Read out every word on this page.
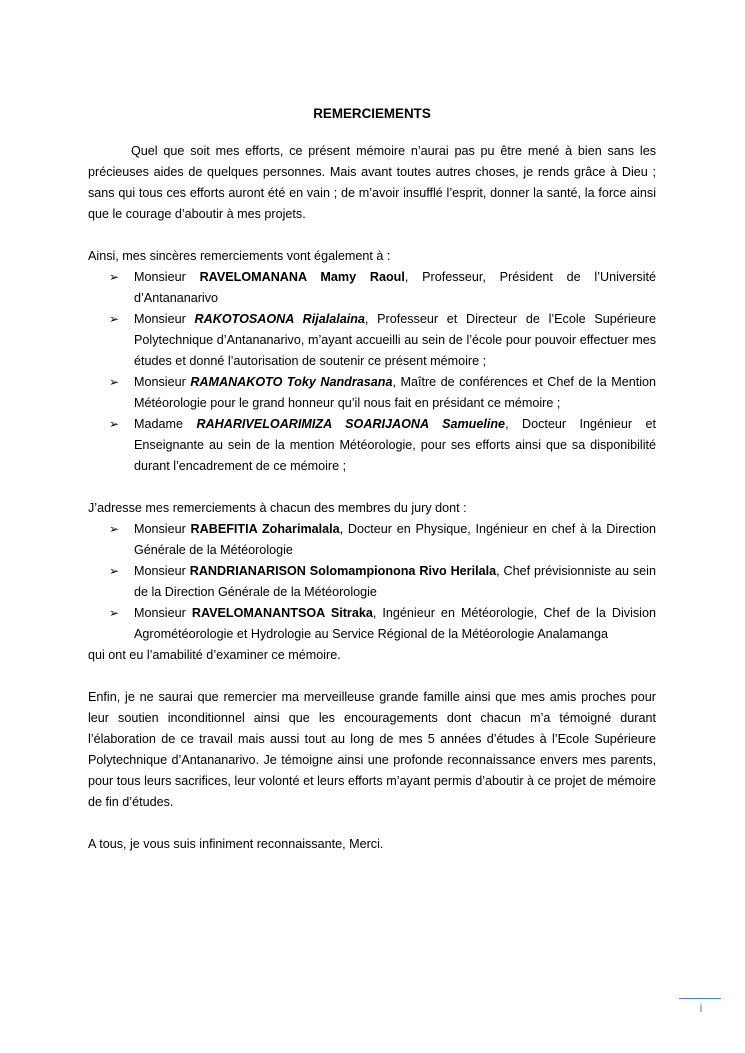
REMERCIEMENTS

Quel que soit mes efforts, ce présent mémoire n’aurai pas pu être mené à bien sans les précieuses aides de quelques personnes. Mais avant toutes autres choses, je rends grâce à Dieu ; sans qui tous ces efforts auront été en vain ; de m’avoir insufflé l’esprit, donner la santé, la force ainsi que le courage d’aboutir à mes projets.

Ainsi, mes sincères remerciements vont également à :

➢ Monsieur RAVELOMANANA Mamy Raoul, Professeur, Président de l’Université d’Antananarivo
➢ Monsieur RAKOTOSAONA Rijalalaina, Professeur et Directeur de l’Ecole Supérieure Polytechnique d’Antananarivo, m’ayant accueilli au sein de l’école pour pouvoir effectuer mes études et donné l’autorisation de soutenir ce présent mémoire ;
➢ Monsieur RAMANAKOTO Toky Nandrasana, Maître de conférences et Chef de la Mention Météorologie pour le grand honneur qu’il nous fait en présidant ce mémoire ;
➢ Madame RAHARIVELOARIMIZA SOARIJAONA Samueline, Docteur Ingénieur et Enseignante au sein de la mention Météorologie, pour ses efforts ainsi que sa disponibilité durant l’encadrement de ce mémoire ;

J’adresse mes remerciements à chacun des membres du jury dont :

➢ Monsieur RABEFITIA Zoharimalala, Docteur en Physique, Ingénieur en chef à la Direction Générale de la Météorologie
➢ Monsieur RANDRIANARISON Solomampionona Rivo Herilala, Chef prévisionniste au sein de la Direction Générale de la Météorologie
➢ Monsieur RAVELOMANANTSOA Sitraka, Ingénieur en Météorologie, Chef de la Division Agrométéorologie et Hydrologie au Service Régional de la Météorologie Analamanga

qui ont eu l’amabilité d’examiner ce mémoire.

Enfin, je ne saurai que remercier ma merveilleuse grande famille ainsi que mes amis proches pour leur soutien inconditionnel ainsi que les encouragements dont chacun m’a témoigné durant l’élaboration de ce travail mais aussi tout au long de mes 5 années d’études à l’Ecole Supérieure Polytechnique d’Antananarivo. Je témoigne ainsi une profonde reconnaissance envers mes parents, pour tous leurs sacrifices, leur volonté et leurs efforts m’ayant permis d’aboutir à ce projet de mémoire de fin d’études.

A tous, je vous suis infiniment reconnaissante, Merci.

i
